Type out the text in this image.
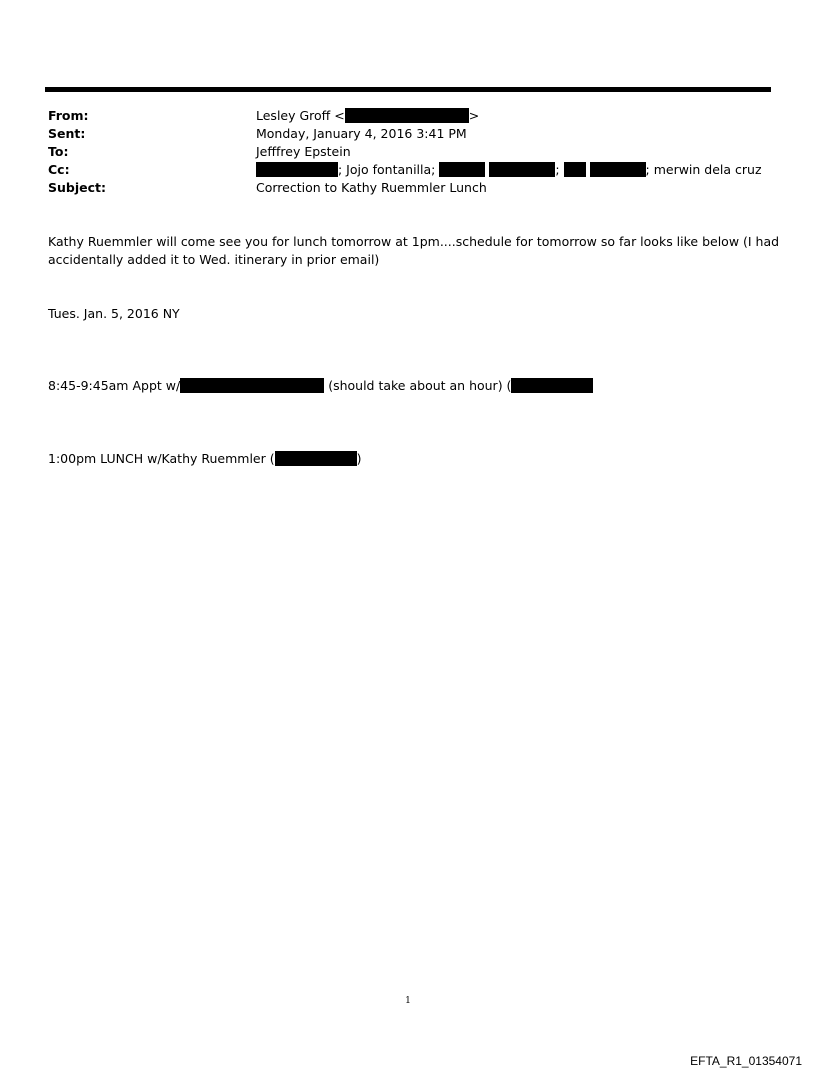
From:	Lesley Groff <	>
Sent:	Monday, January 4, 2016 3:41 PM
To:	Jefffrey Epstein
Cc:	; Jojo fontanilla;	;	; merwin dela cruz
Subject:	Correction to Kathy Ruemmler Lunch
Kathy Ruemmler will come see you for lunch tomorrow at 1pm....schedule for tomorrow so far looks like below (I had
accidentally added it to Wed. itinerary in prior email)
Tues. Jan. 5, 2016 NY
8:45-9:45am Appt w/	(should take about an hour) (
1:00pm LUNCH w/Kathy Ruemmler (	)
1
EFTA_R1_01354071
